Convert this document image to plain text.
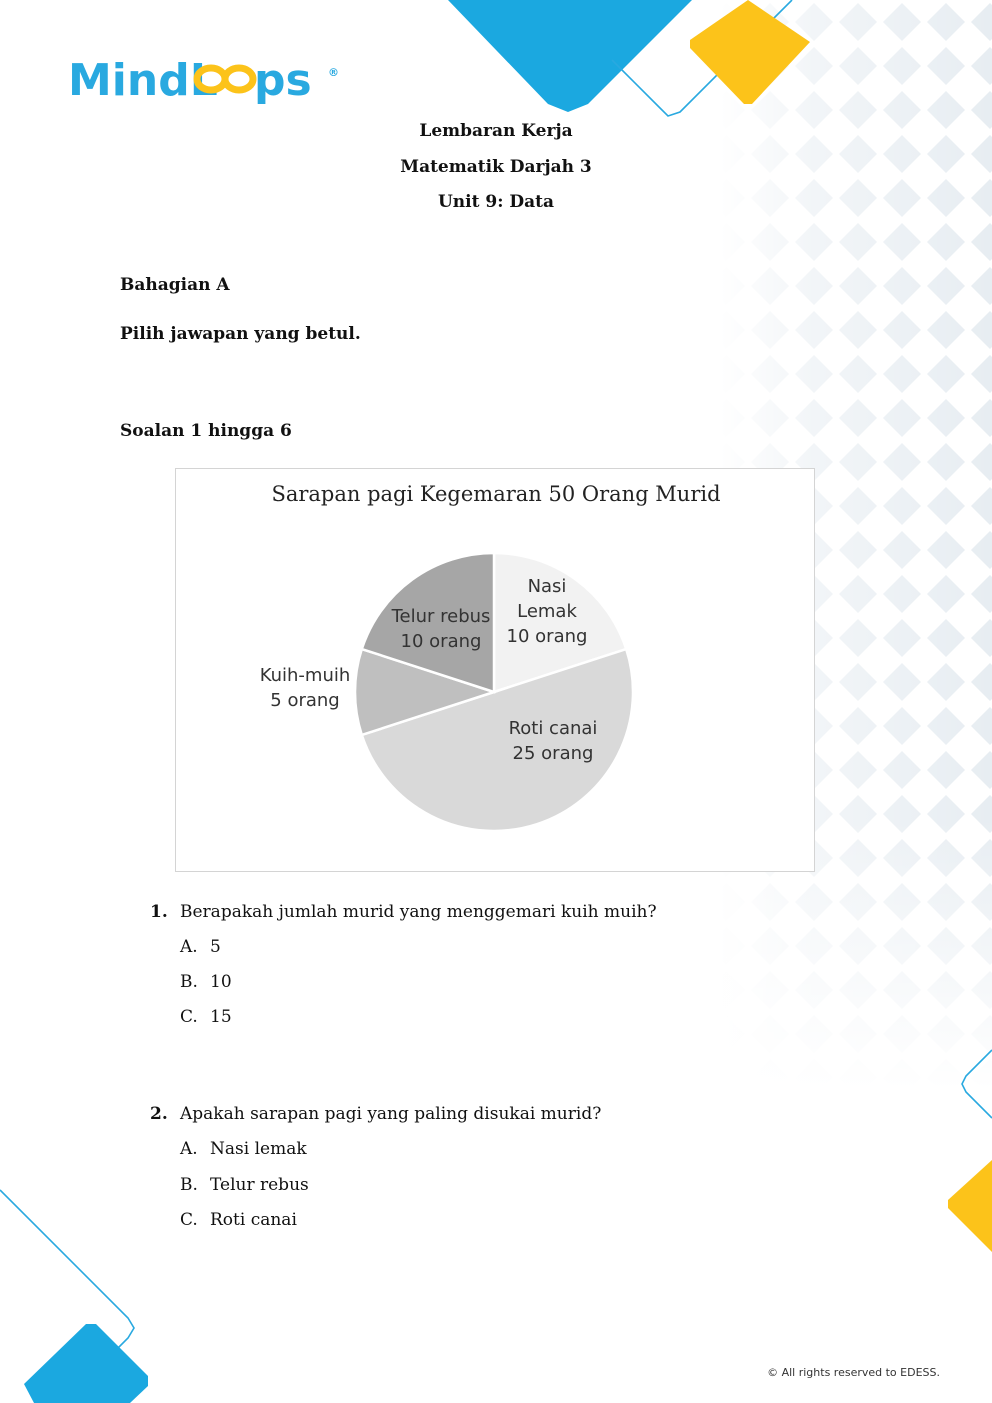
MindL ps ®
Lembaran Kerja
Matematik Darjah 3
Unit 9: Data
Bahagian A
Pilih jawapan yang betul.
Soalan 1 hingga 6
Sarapan pagi Kegemaran 50 Orang Murid
Nasi Lemak 10 orang
Roti canai 25 orang
Kuih-muih 5 orang
Telur rebus 10 orang
1. Berapakah jumlah murid yang menggemari kuih muih?
A. 5
B. 10
C. 15
2. Apakah sarapan pagi yang paling disukai murid?
A. Nasi lemak
B. Telur rebus
C. Roti canai
© All rights reserved to EDESS.
